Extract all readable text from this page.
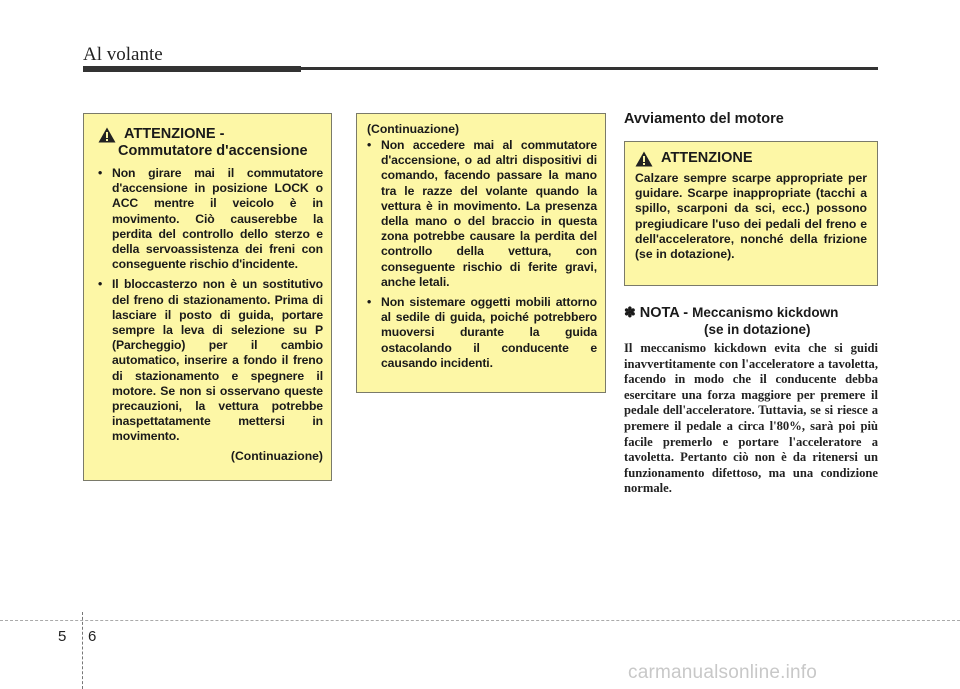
Al volante
ATTENZIONE -
Commutatore d'accensione
• Non girare mai il commutatore d'accensione in posizione LOCK o ACC mentre il veicolo è in movimento. Ciò causerebbe la perdita del controllo dello sterzo e della servoassistenza dei freni con conseguente rischio d'incidente.
• Il bloccasterzo non è un sostitutivo del freno di stazionamento. Prima di lasciare il posto di guida, portare sempre la leva di selezione su P (Parcheggio) per il cambio automatico, inserire a fondo il freno di stazionamento e spegnere il motore. Se non si osservano queste precauzioni, la vettura potrebbe inaspettatamente mettersi in movimento.
(Continuazione)
(Continuazione)
• Non accedere mai al commutatore d'accensione, o ad altri dispositivi di comando, facendo passare la mano tra le razze del volante quando la vettura è in movimento. La presenza della mano o del braccio in questa zona potrebbe causare la perdita del controllo della vettura, con conseguente rischio di ferite gravi, anche letali.
• Non sistemare oggetti mobili attorno al sedile di guida, poiché potrebbero muoversi durante la guida ostacolando il conducente e causando incidenti.
Avviamento del motore
ATTENZIONE

Calzare sempre scarpe appropriate per guidare. Scarpe inappropriate (tacchi a spillo, scarponi da sci, ecc.) possono pregiudicare l'uso dei pedali del freno e dell'acceleratore, nonché della frizione (se in dotazione).

✽ NOTA - Meccanismo kickdown
(se in dotazione)
Il meccanismo kickdown evita che si guidi inavvertitamente con l'acceleratore a tavoletta, facendo in modo che il conducente debba esercitare una forza maggiore per premere il pedale dell'acceleratore. Tuttavia, se si riesce a premere il pedale a circa l'80%, sarà poi più facile premerlo e portare l'acceleratore a tavoletta. Pertanto ciò non è da ritenersi un funzionamento difettoso, ma una condizione normale.
5 6
carmanualsonline.info
